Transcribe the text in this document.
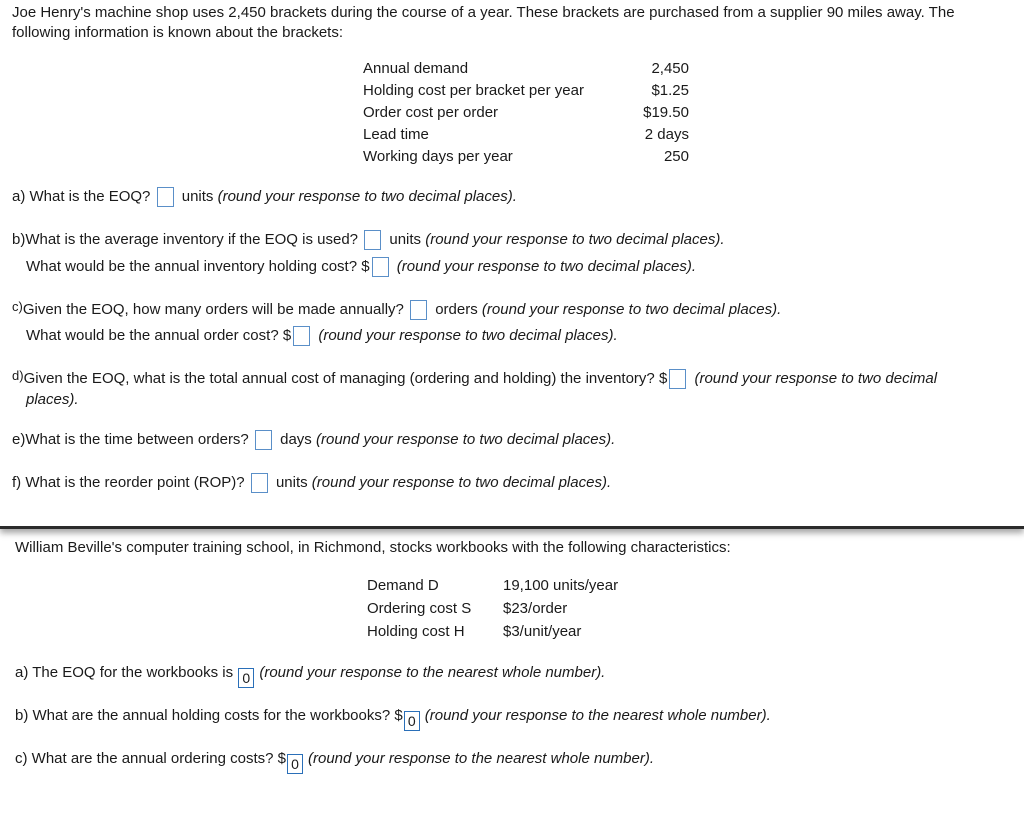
Joe Henry's machine shop uses 2,450 brackets during the course of a year. These brackets are purchased from a supplier 90 miles away. The
following information is known about the brackets:
Annual demand	2,450
Holding cost per bracket per year	$1.25
Order cost per order	$19.50
Lead time	2 days
Working days per year	250
a) What is the EOQ? units (round your response to two decimal places).
b)What is the average inventory if the EOQ is used? units (round your response to two decimal places).
What would be the annual inventory holding cost? $ (round your response to two decimal places).
c)Given the EOQ, how many orders will be made annually? orders (round your response to two decimal places).
What would be the annual order cost? $ (round your response to two decimal places).
d)Given the EOQ, what is the total annual cost of managing (ordering and holding) the inventory? $ (round your response to two decimal
places).
e)What is the time between orders? days (round your response to two decimal places).
f) What is the reorder point (ROP)? units (round your response to two decimal places).
William Beville's computer training school, in Richmond, stocks workbooks with the following characteristics:
Demand D	19,100 units/year
Ordering cost S	$23/order
Holding cost H	$3/unit/year
a) The EOQ for the workbooks is 0 (round your response to the nearest whole number).
b) What are the annual holding costs for the workbooks? $ 0 (round your response to the nearest whole number).
c) What are the annual ordering costs? $ 0 (round your response to the nearest whole number).
